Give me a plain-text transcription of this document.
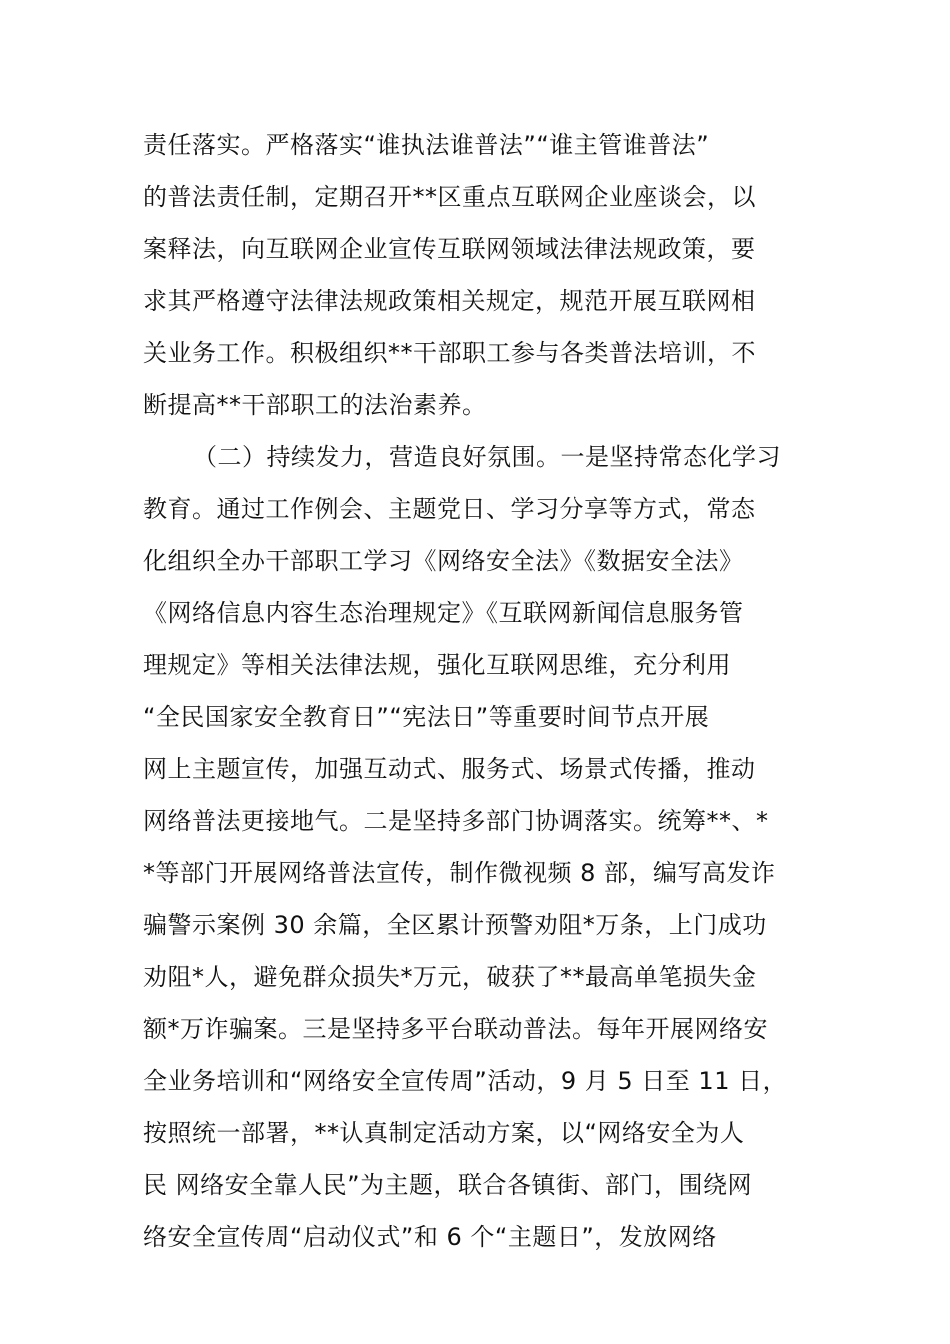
责任落实。严格落实“谁执法谁普法”“谁主管谁普法”
的普法责任制，定期召开**区重点互联网企业座谈会，以
案释法，向互联网企业宣传互联网领域法律法规政策，要
求其严格遵守法律法规政策相关规定，规范开展互联网相
关业务工作。积极组织**干部职工参与各类普法培训，不
断提高**干部职工的法治素养。
（二）持续发力，营造良好氛围。一是坚持常态化学习
教育。通过工作例会、主题党日、学习分享等方式，常态
化组织全办干部职工学习《网络安全法》《数据安全法》
《网络信息内容生态治理规定》《互联网新闻信息服务管
理规定》等相关法律法规，强化互联网思维，充分利用
“全民国家安全教育日”“宪法日”等重要时间节点开展
网上主题宣传，加强互动式、服务式、场景式传播，推动
网络普法更接地气。二是坚持多部门协调落实。统筹**、*
*等部门开展网络普法宣传，制作微视频 8 部，编写高发诈
骗警示案例 30 余篇，全区累计预警劝阻*万条，上门成功
劝阻*人，避免群众损失*万元，破获了**最高单笔损失金
额*万诈骗案。三是坚持多平台联动普法。每年开展网络安
全业务培训和“网络安全宣传周”活动，9 月 5 日至 11 日，
按照统一部署，**认真制定活动方案，以“网络安全为人
民 网络安全靠人民”为主题，联合各镇街、部门，围绕网
络安全宣传周“启动仪式”和 6 个“主题日”，发放网络
